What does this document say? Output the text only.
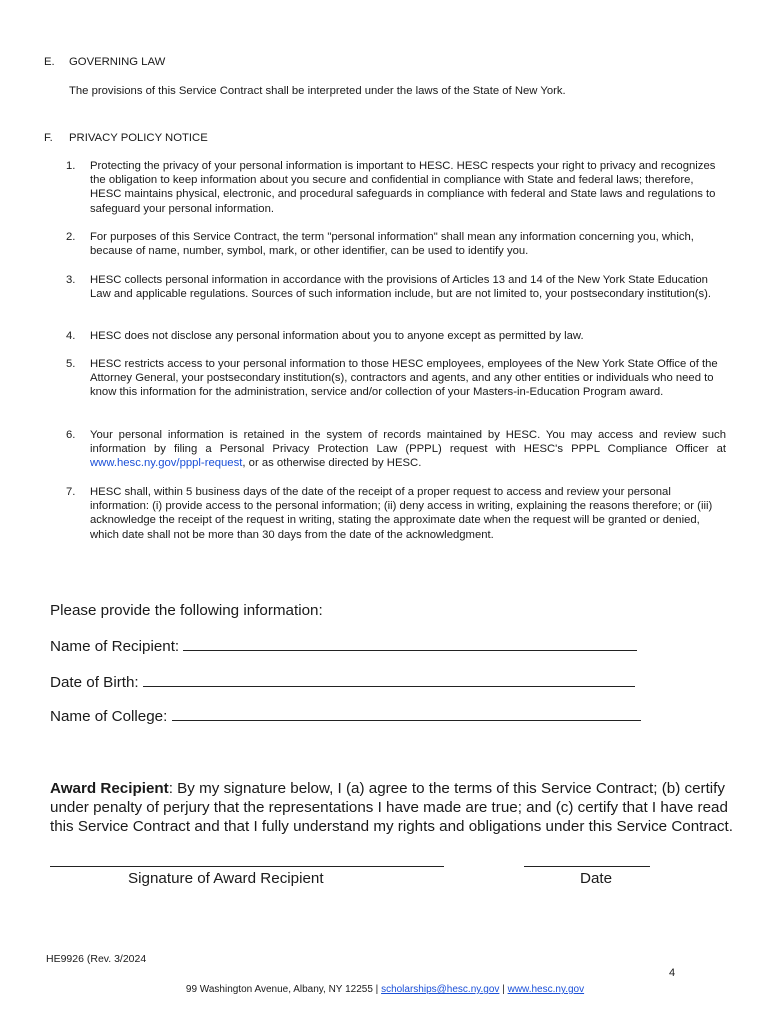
E. GOVERNING LAW
The provisions of this Service Contract shall be interpreted under the laws of the State of New York.
F. PRIVACY POLICY NOTICE
1.	Protecting the privacy of your personal information is important to HESC. HESC respects your right to privacy and recognizes the obligation to keep information about you secure and confidential in compliance with State and federal laws; therefore, HESC maintains physical, electronic, and procedural safeguards in compliance with federal and State laws and regulations to safeguard your personal information.
2.	For purposes of this Service Contract, the term "personal information" shall mean any information concerning you, which, because of name, number, symbol, mark, or other identifier, can be used to identify you.
3.	HESC collects personal information in accordance with the provisions of Articles 13 and 14 of the New York State Education Law and applicable regulations. Sources of such information include, but are not limited to, your postsecondary institution(s).
4.	HESC does not disclose any personal information about you to anyone except as permitted by law.
5.	HESC restricts access to your personal information to those HESC employees, employees of the New York State Office of the Attorney General, your postsecondary institution(s), contractors and agents, and any other entities or individuals who need to know this information for the administration, service and/or collection of your Masters-in-Education Program award.
6.	Your personal information is retained in the system of records maintained by HESC. You may access and review such information by filing a Personal Privacy Protection Law (PPPL) request with HESC's PPPL Compliance Officer at www.hesc.ny.gov/pppl-request, or as otherwise directed by HESC.
7.	HESC shall, within 5 business days of the date of the receipt of a proper request to access and review your personal information: (i) provide access to the personal information; (ii) deny access in writing, explaining the reasons therefore; or (iii) acknowledge the receipt of the request in writing, stating the approximate date when the request will be granted or denied, which date shall not be more than 30 days from the date of the acknowledgment.
Please provide the following information:
Name of Recipient:
Date of Birth:
Name of College:
Award Recipient: By my signature below, I (a) agree to the terms of this Service Contract; (b) certify under penalty of perjury that the representations I have made are true; and (c) certify that I have read this Service Contract and that I fully understand my rights and obligations under this Service Contract.
Signature of Award Recipient	Date
HE9926 (Rev. 3/2024
4
99 Washington Avenue, Albany, NY 12255 | scholarships@hesc.ny.gov | www.hesc.ny.gov
